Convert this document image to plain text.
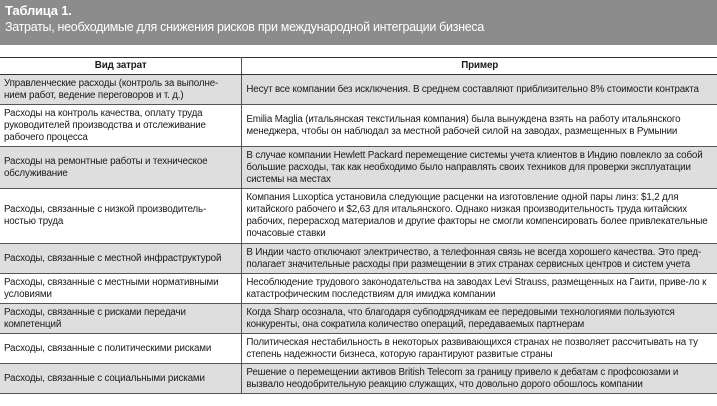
Таблица 1.
Затраты, необходимые для снижения рисков при международной интеграции бизнеса
Вид затрат	Пример
Управленческие расходы (контроль за выполне-нием работ, ведение переговоров и т. д.)	Несут все компании без исключения. В среднем составляют приблизительно 8% стоимости контракта
Расходы на контроль качества, оплату труда руководителей производства и отслеживание рабочего процесса	Emilia Maglia (итальянская текстильная компания) была вынуждена взять на работу итальянского менеджера, чтобы он наблюдал за местной рабочей силой на заводах, размещенных в Румынии
Расходы на ремонтные работы и техническое обслуживание	В случае компании Hewlett Packard перемещение системы учета клиентов в Индию повлекло за собой большие расходы, так как необходимо было направлять своих техников для проверки эксплуатации системы на местах
Расходы, связанные с низкой производитель-ностью труда	Компания Luxoptica установила следующие расценки на изготовление одной пары линз: $1,2 для китайского рабочего и $2,63 для итальянского. Однако низкая производительность труда китайских рабочих, перерасход материалов и другие факторы не смогли компенсировать более привлекательные почасовые ставки
Расходы, связанные с местной инфраструктурой	В Индии часто отключают электричество, а телефонная связь не всегда хорошего качества. Это пред-полагает значительные расходы при размещении в этих странах сервисных центров и систем учета
Расходы, связанные с местными нормативными условиями	Несоблюдение трудового законодательства на заводах Levi Strauss, размещенных на Гаити, приве-ло к катастрофическим последствиям для имиджа компании
Расходы, связанные с рисками передачи компетенций	Когда Sharp осознала, что благодаря субподрядчикам ее передовыми технологиями пользуются конкуренты, она сократила количество операций, передаваемых партнерам
Расходы, связанные с политическими рисками	Политическая нестабильность в некоторых развивающихся странах не позволяет рассчитывать на ту степень надежности бизнеса, которую гарантируют развитые страны
Расходы, связанные с социальными рисками	Решение о перемещении активов British Telecom за границу привело к дебатам с профсоюзами и вызвало неодобрительную реакцию служащих, что довольно дорого обошлось компании
